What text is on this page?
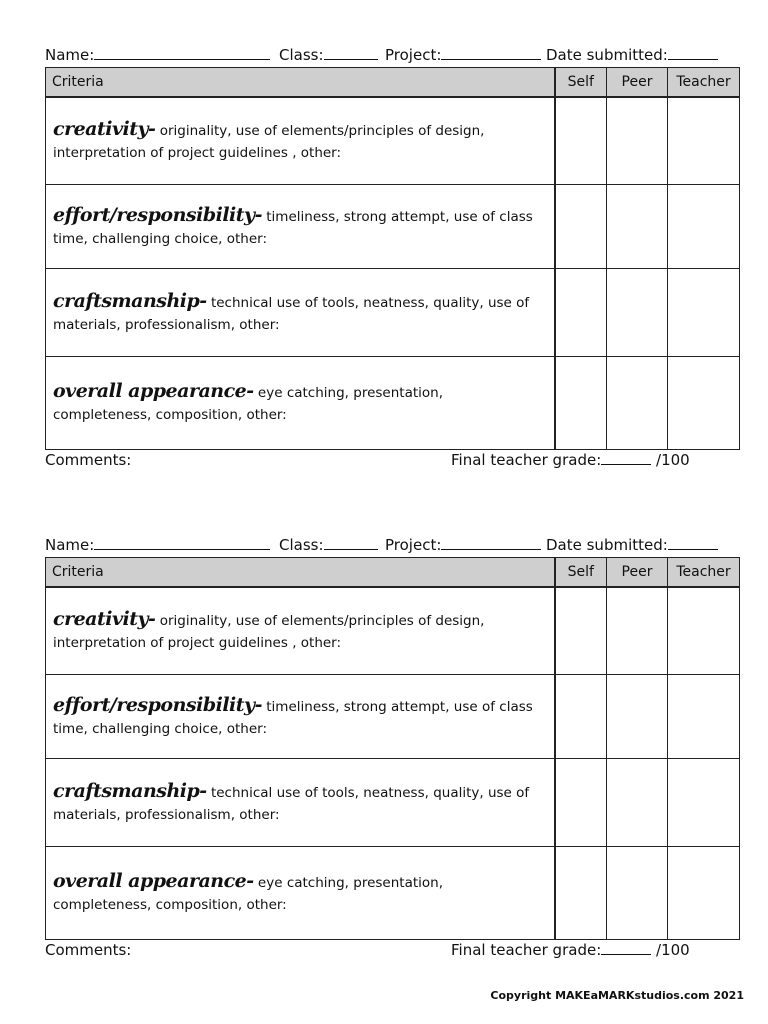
Name:	Class:	Project:	Date submitted:
Criteria	Self	Peer	Teacher
creativity- originality, use of elements/principles of design, interpretation of project guidelines , other:			
effort/responsibility- timeliness, strong attempt, use of class time, challenging choice, other:			
craftsmanship- technical use of tools, neatness, quality, use of materials, professionalism, other:			
overall appearance- eye catching, presentation, completeness, composition, other:			
Comments:	Final teacher grade:	/100
Name:	Class:	Project:	Date submitted:
Criteria	Self	Peer	Teacher
creativity- originality, use of elements/principles of design, interpretation of project guidelines , other:			
effort/responsibility- timeliness, strong attempt, use of class time, challenging choice, other:			
craftsmanship- technical use of tools, neatness, quality, use of materials, professionalism, other:			
overall appearance- eye catching, presentation, completeness, composition, other:			
Comments:	Final teacher grade:	/100
Copyright MAKEaMARKstudios.com 2021
